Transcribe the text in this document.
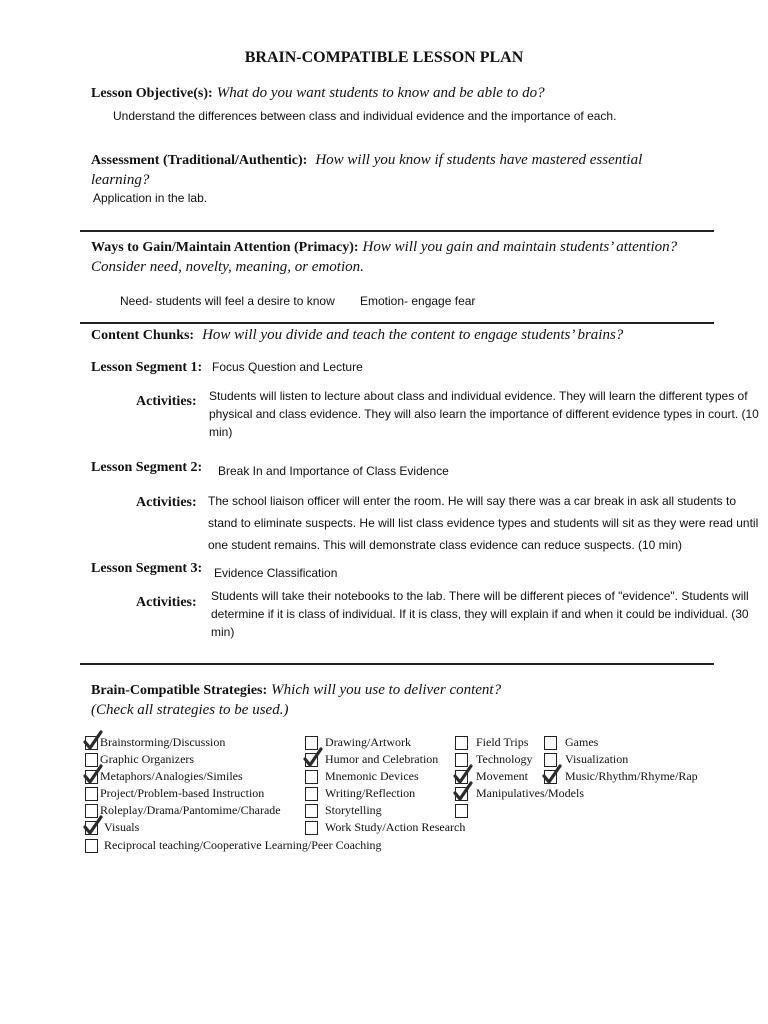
BRAIN-COMPATIBLE LESSON PLAN
Lesson Objective(s): What do you want students to know and be able to do?
Understand the differences between class and individual evidence and the importance of each.
Assessment (Traditional/Authentic): How will you know if students have mastered essential
learning?
Application in the lab.
Ways to Gain/Maintain Attention (Primacy): How will you gain and maintain students’ attention?
Consider need, novelty, meaning, or emotion.
Need- students will feel a desire to know Emotion- engage fear
Content Chunks: How will you divide and teach the content to engage students’ brains?
Lesson Segment 1: Focus Question and Lecture
Activities: Students will listen to lecture about class and individual evidence. They will learn the different types of physical and class evidence. They will also learn the importance of different evidence types in court. (10 min)
Lesson Segment 2: Break In and Importance of Class Evidence
Activities: The school liaison officer will enter the room. He will say there was a car break in ask all students to stand to eliminate suspects. He will list class evidence types and students will sit as they were read until one student remains. This will demonstrate class evidence can reduce suspects. (10 min)
Lesson Segment 3: Evidence Classification
Activities: Students will take their notebooks to the lab. There will be different pieces of "evidence". Students will determine if it is class of individual. If it is class, they will explain if and when it could be individual. (30 min)
Brain-Compatible Strategies: Which will you use to deliver content?
(Check all strategies to be used.)
Brainstorming/Discussion
Graphic Organizers
Metaphors/Analogies/Similes
Project/Problem-based Instruction
Roleplay/Drama/Pantomime/Charade
Visuals
Reciprocal teaching/Cooperative Learning/Peer Coaching
Drawing/Artwork
Humor and Celebration
Mnemonic Devices
Writing/Reflection
Storytelling
Work Study/Action Research
Field Trips
Technology
Movement
Manipulatives/Models
Games
Visualization
Music/Rhythm/Rhyme/Rap
